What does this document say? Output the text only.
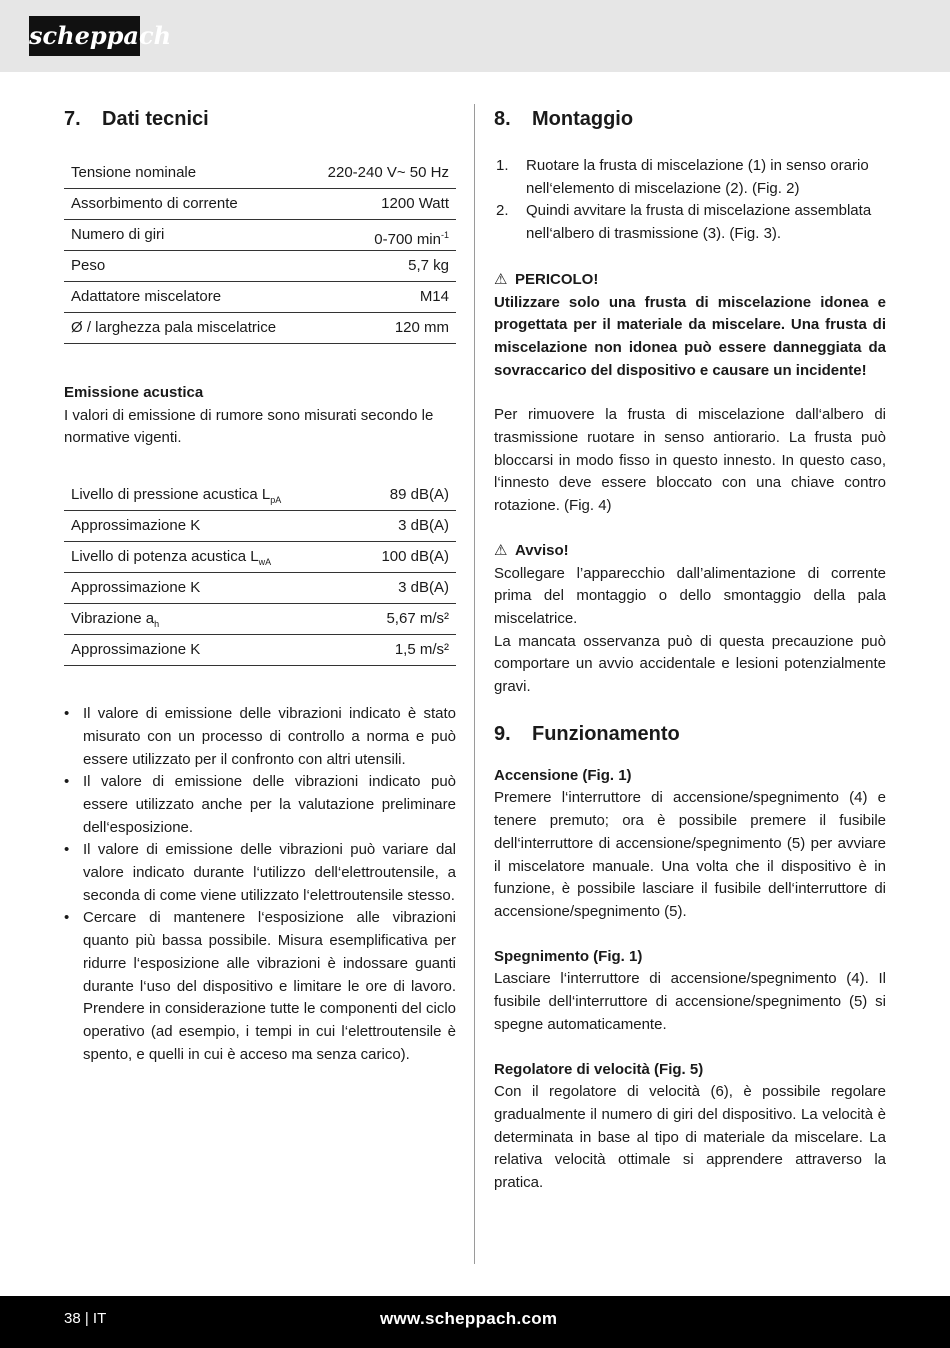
scheppach
7.	Dati tecnici
Tensione nominale	220-240 V~ 50 Hz
Assorbimento di corrente	1200 Watt
Numero di giri	0-700 $\min^{-1}$
Peso	5,7 kg
Adattatore miscelatore	M14
Ø / larghezza pala miscelatrice	120 mm

Emissione acustica

I valori di emissione di rumore sono misurati secondo le normative vigenti.

Livello di pressione acustica $L_{pA}$	89 dB(A)
Approssimazione K	3 dB(A)
Livello di potenza acustica $L_{wA}$	100 dB(A)
Approssimazione K	3 dB(A)
Vibrazione $a_h$	5,67 m/s²
Approssimazione K	1,5 m/s²
• Il valore di emissione delle vibrazioni indicato è stato misurato con un processo di controllo a norma e può essere utilizzato per il confronto con altri utensili.
• Il valore di emissione delle vibrazioni indicato può essere utilizzato anche per la valutazione preliminare dell‘esposizione.
• Il valore di emissione delle vibrazioni può variare dal valore indicato durante l‘utilizzo dell‘elettroutensile, a seconda di come viene utilizzato l‘elettroutensile stesso.
• Cercare di mantenere l‘esposizione alle vibrazioni quanto più bassa possibile. Misura esemplificativa per ridurre l‘esposizione alle vibrazioni è indossare guanti durante l‘uso del dispositivo e limitare le ore di lavoro. Prendere in considerazione tutte le componenti del ciclo operativo (ad esempio, i tempi in cui l‘elettroutensile è spento, e quelli in cui è acceso ma senza carico).
8.	Montaggio
1. Ruotare la frusta di miscelazione (1) in senso orario nell‘elemento di miscelazione (2). (Fig. 2)
2. Quindi avvitare la frusta di miscelazione assemblata nell‘albero di trasmissione (3). (Fig. 3).
⚠ PERICOLO!

Utilizzare solo una frusta di miscelazione idonea e progettata per il materiale da miscelare. Una frusta di miscelazione non idonea può essere danneggiata da sovraccarico del dispositivo e causare un incidente!

Per rimuovere la frusta di miscelazione dall‘albero di trasmissione ruotare in senso antiorario. La frusta può bloccarsi in modo fisso in questo innesto. In questo caso, l‘innesto deve essere bloccato con una chiave contro rotazione. (Fig. 4)

⚠ Avviso!

Scollegare l’apparecchio dall’alimentazione di corrente prima del montaggio o dello smontaggio della pala miscelatrice.

La mancata osservanza può di questa precauzione può comportare un avvio accidentale e lesioni potenzialmente gravi.

9.	Funzionamento

Accensione (Fig. 1)

Premere l‘interruttore di accensione/spegnimento (4) e tenere premuto; ora è possibile premere il fusibile dell‘interruttore di accensione/spegnimento (5) per avviare il miscelatore manuale. Una volta che il dispositivo è in funzione, è possibile lasciare il fusibile dell‘interruttore di accensione/spegnimento (5).

Spegnimento (Fig. 1)

Lasciare l‘interruttore di accensione/spegnimento (4). Il fusibile dell‘interruttore di accensione/spegnimento (5) si spegne automaticamente.

Regolatore di velocità (Fig. 5)

Con il regolatore di velocità (6), è possibile regolare gradualmente il numero di giri del dispositivo. La velocità è determinata in base al tipo di materiale da miscelare. La relativa velocità ottimale si apprendere attraverso la pratica.

38 | IT	www.scheppach.com
